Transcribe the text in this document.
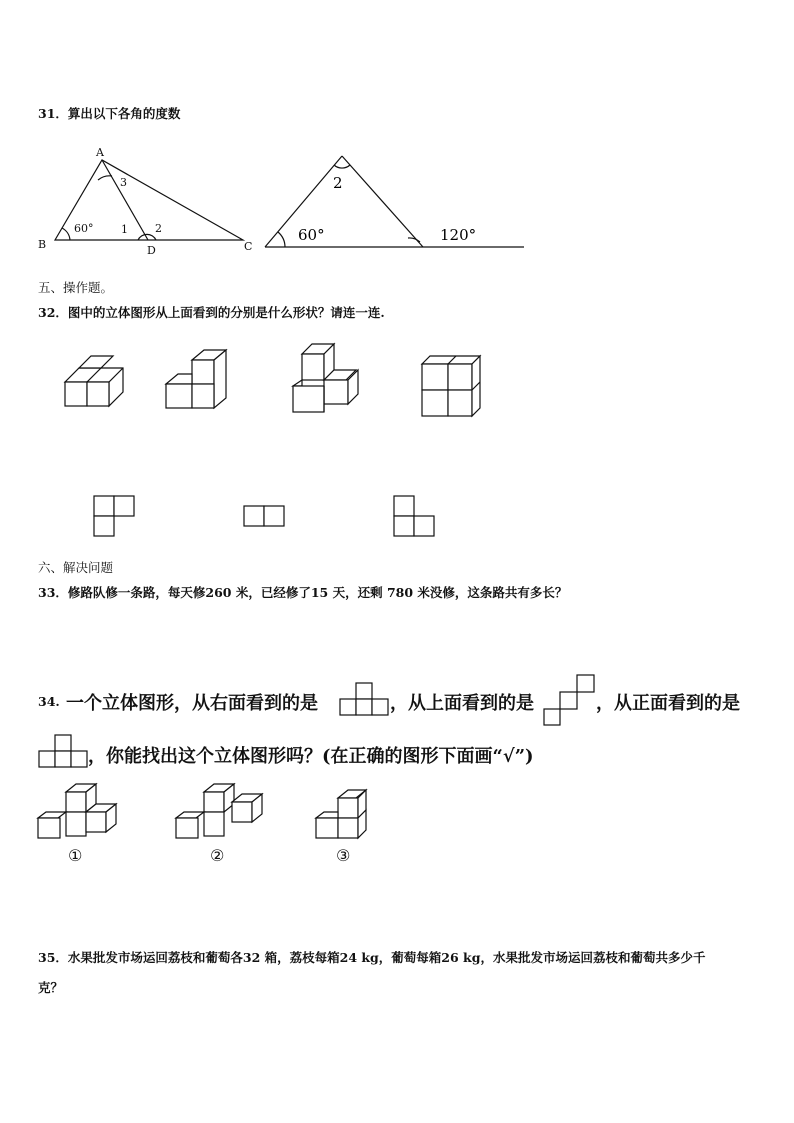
31．算出以下各角的度数
A
B	C
D
60°	1 2
3	2
60°	120°
五、操作题。
32．图中的立体图形从上面看到的分别是什么形状？请连一连.
六、解决问题
33．修路队修一条路，每天修260 米，已经修了15 天，还剩 780 米没修，这条路共有多长？
34. 一个立体图形，从右面看到的是	，从上面看到的是	，从正面看到的是
，你能找出这个立体图形吗？(在正确的图形下面画“√”)
①	②	③
35．水果批发市场运回荔枝和葡萄各32 箱，荔枝每箱24 kg，葡萄每箱26 kg，水果批发市场运回荔枝和葡萄共多少千
克？
